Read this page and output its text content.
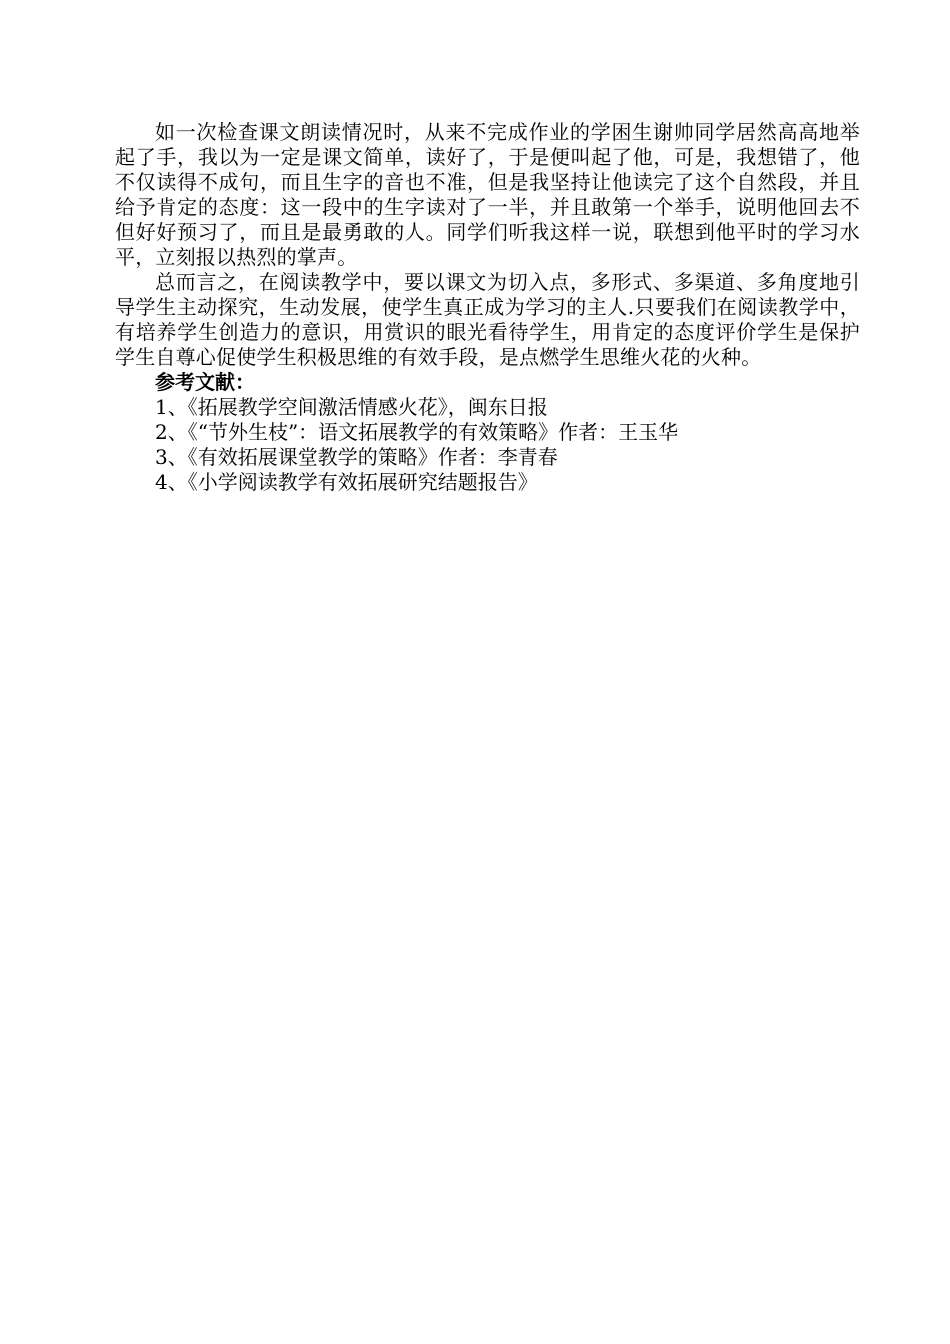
如一次检查课文朗读情况时，从来不完成作业的学困生谢帅同学居然高高地举起了手，我以为一定是课文简单，读好了，于是便叫起了他，可是，我想错了，他不仅读得不成句，而且生字的音也不准，但是我坚持让他读完了这个自然段，并且给予肯定的态度：这一段中的生字读对了一半，并且敢第一个举手，说明他回去不但好好预习了，而且是最勇敢的人。同学们听我这样一说，联想到他平时的学习水平，立刻报以热烈的掌声。

总而言之，在阅读教学中，要以课文为切入点，多形式、多渠道、多角度地引导学生主动探究，生动发展，使学生真正成为学习的主人.只要我们在阅读教学中，有培养学生创造力的意识，用赏识的眼光看待学生，用肯定的态度评价学生是保护学生自尊心促使学生积极思维的有效手段，是点燃学生思维火花的火种。

参考文献：

1、《拓展教学空间激活情感火花》，闽东日报
2、《“节外生枝”：语文拓展教学的有效策略》作者：王玉华
3、《有效拓展课堂教学的策略》作者：李青春
4、《小学阅读教学有效拓展研究结题报告》
